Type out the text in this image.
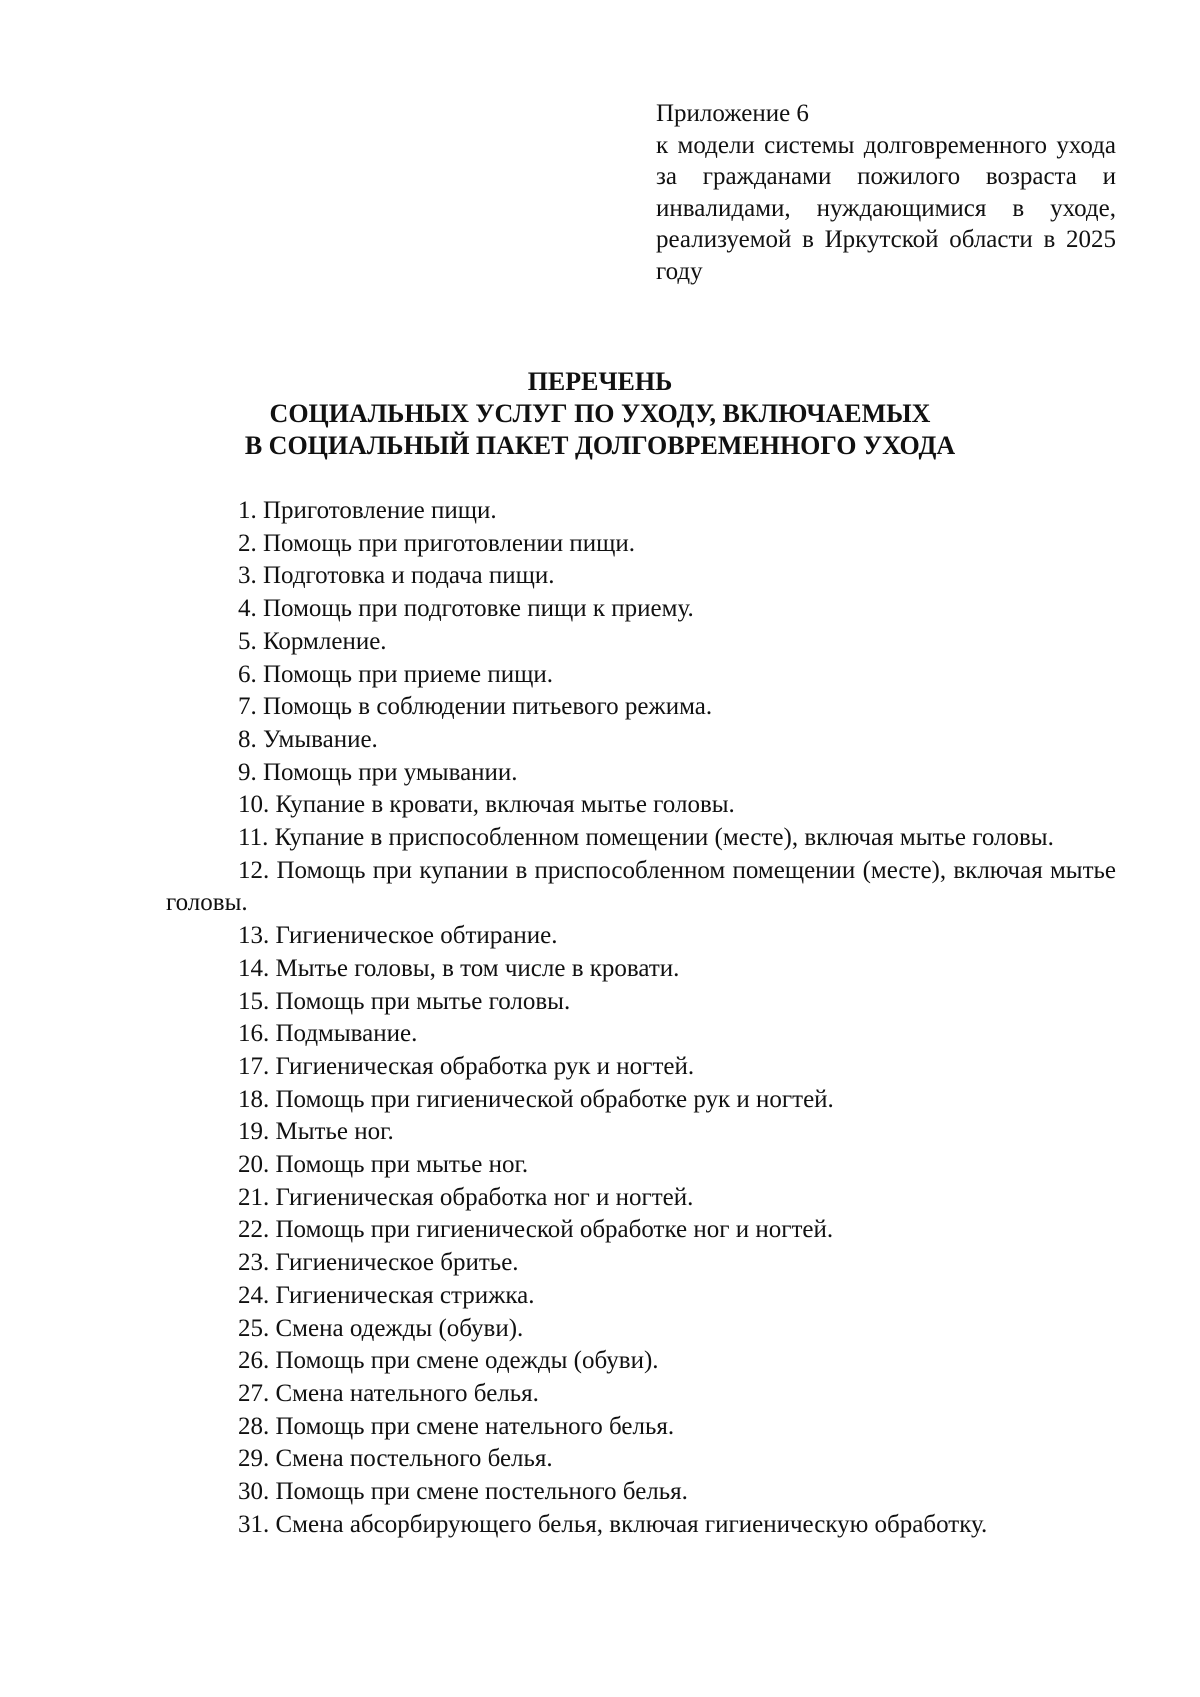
Приложение 6
к модели системы долговременного ухода за гражданами пожилого возраста и инвалидами, нуждающимися в уходе, реализуемой в Иркутской области в 2025 году
ПЕРЕЧЕНЬ
СОЦИАЛЬНЫХ УСЛУГ ПО УХОДУ, ВКЛЮЧАЕМЫХ
В СОЦИАЛЬНЫЙ ПАКЕТ ДОЛГОВРЕМЕННОГО УХОДА
1. Приготовление пищи.
2. Помощь при приготовлении пищи.
3. Подготовка и подача пищи.
4. Помощь при подготовке пищи к приему.
5. Кормление.
6. Помощь при приеме пищи.
7. Помощь в соблюдении питьевого режима.
8. Умывание.
9. Помощь при умывании.
10. Купание в кровати, включая мытье головы.
11. Купание в приспособленном помещении (месте), включая мытье головы.
12. Помощь при купании в приспособленном помещении (месте), включая мытье головы.
13. Гигиеническое обтирание.
14. Мытье головы, в том числе в кровати.
15. Помощь при мытье головы.
16. Подмывание.
17. Гигиеническая обработка рук и ногтей.
18. Помощь при гигиенической обработке рук и ногтей.
19. Мытье ног.
20. Помощь при мытье ног.
21. Гигиеническая обработка ног и ногтей.
22. Помощь при гигиенической обработке ног и ногтей.
23. Гигиеническое бритье.
24. Гигиеническая стрижка.
25. Смена одежды (обуви).
26. Помощь при смене одежды (обуви).
27. Смена нательного белья.
28. Помощь при смене нательного белья.
29. Смена постельного белья.
30. Помощь при смене постельного белья.
31. Смена абсорбирующего белья, включая гигиеническую обработку.
